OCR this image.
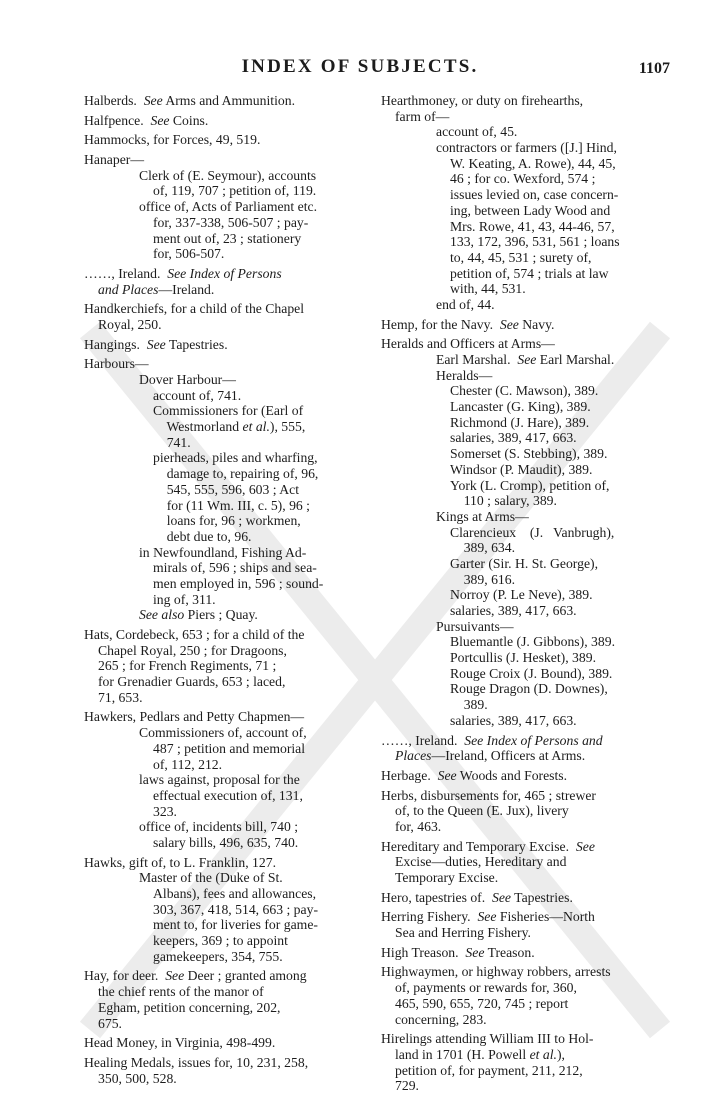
INDEX OF SUBJECTS.	1107
Halberds.  See Arms and Ammunition.
Halfpence.  See Coins.
Hammocks, for Forces, 49, 519.
Hanaper—
Clerk of (E. Seymour), accounts
of, 119, 707 ; petition of, 119.
office of, Acts of Parliament etc.
for, 337-338, 506-507 ; pay-
ment out of, 23 ; stationery
for, 506-507.
……, Ireland.  See Index of Persons
and Places—Ireland.
Handkerchiefs, for a child of the Chapel
Royal, 250.
Hangings.  See Tapestries.
Harbours—
Dover Harbour—
account of, 741.
Commissioners for (Earl of
Westmorland et al.), 555,
741.
pierheads, piles and wharfing,
damage to, repairing of, 96,
545, 555, 596, 603 ; Act
for (11 Wm. III, c. 5), 96 ;
loans for, 96 ; workmen,
debt due to, 96.
in Newfoundland, Fishing Ad-
mirals of, 596 ; ships and sea-
men employed in, 596 ; sound-
ing of, 311.
See also Piers ; Quay.
Hats, Cordebeck, 653 ; for a child of the
Chapel Royal, 250 ; for Dragoons,
265 ; for French Regiments, 71 ;
for Grenadier Guards, 653 ; laced,
71, 653.
Hawkers, Pedlars and Petty Chapmen—
Commissioners of, account of,
487 ; petition and memorial
of, 112, 212.
laws against, proposal for the
effectual execution of, 131,
323.
office of, incidents bill, 740 ;
salary bills, 496, 635, 740.
Hawks, gift of, to L. Franklin, 127.
Master of the (Duke of St.
Albans), fees and allowances,
303, 367, 418, 514, 663 ; pay-
ment to, for liveries for game-
keepers, 369 ; to appoint
gamekeepers, 354, 755.
Hay, for deer.  See Deer ; granted among
the chief rents of the manor of
Egham, petition concerning, 202,
675.
Head Money, in Virginia, 498-499.
Healing Medals, issues for, 10, 231, 258,
350, 500, 528.
Hearthmoney, or duty on firehearths,
farm of—
account of, 45.
contractors or farmers ([J.] Hind,
W. Keating, A. Rowe), 44, 45,
46 ; for co. Wexford, 574 ;
issues levied on, case concern-
ing, between Lady Wood and
Mrs. Rowe, 41, 43, 44-46, 57,
133, 172, 396, 531, 561 ; loans
to, 44, 45, 531 ; surety of,
petition of, 574 ; trials at law
with, 44, 531.
end of, 44.
Hemp, for the Navy.  See Navy.
Heralds and Officers at Arms—
Earl Marshal.  See Earl Marshal.
Heralds—
Chester (C. Mawson), 389.
Lancaster (G. King), 389.
Richmond (J. Hare), 389.
salaries, 389, 417, 663.
Somerset (S. Stebbing), 389.
Windsor (P. Maudit), 389.
York (L. Cromp), petition of,
110 ; salary, 389.
Kings at Arms—
Clarencieux    (J.   Vanbrugh),
389, 634.
Garter (Sir. H. St. George),
389, 616.
Norroy (P. Le Neve), 389.
salaries, 389, 417, 663.
Pursuivants—
Bluemantle (J. Gibbons), 389.
Portcullis (J. Hesket), 389.
Rouge Croix (J. Bound), 389.
Rouge Dragon (D. Downes),
389.
salaries, 389, 417, 663.
……, Ireland.  See Index of Persons and
Places—Ireland, Officers at Arms.
Herbage.  See Woods and Forests.
Herbs, disbursements for, 465 ; strewer
of, to the Queen (E. Jux), livery
for, 463.
Hereditary and Temporary Excise.  See
Excise—duties, Hereditary and
Temporary Excise.
Hero, tapestries of.  See Tapestries.
Herring Fishery.  See Fisheries—North
Sea and Herring Fishery.
High Treason.  See Treason.
Highwaymen, or highway robbers, arrests
of, payments or rewards for, 360,
465, 590, 655, 720, 745 ; report
concerning, 283.
Hirelings attending William III to Hol-
land in 1701 (H. Powell et al.),
petition of, for payment, 211, 212,
729.
